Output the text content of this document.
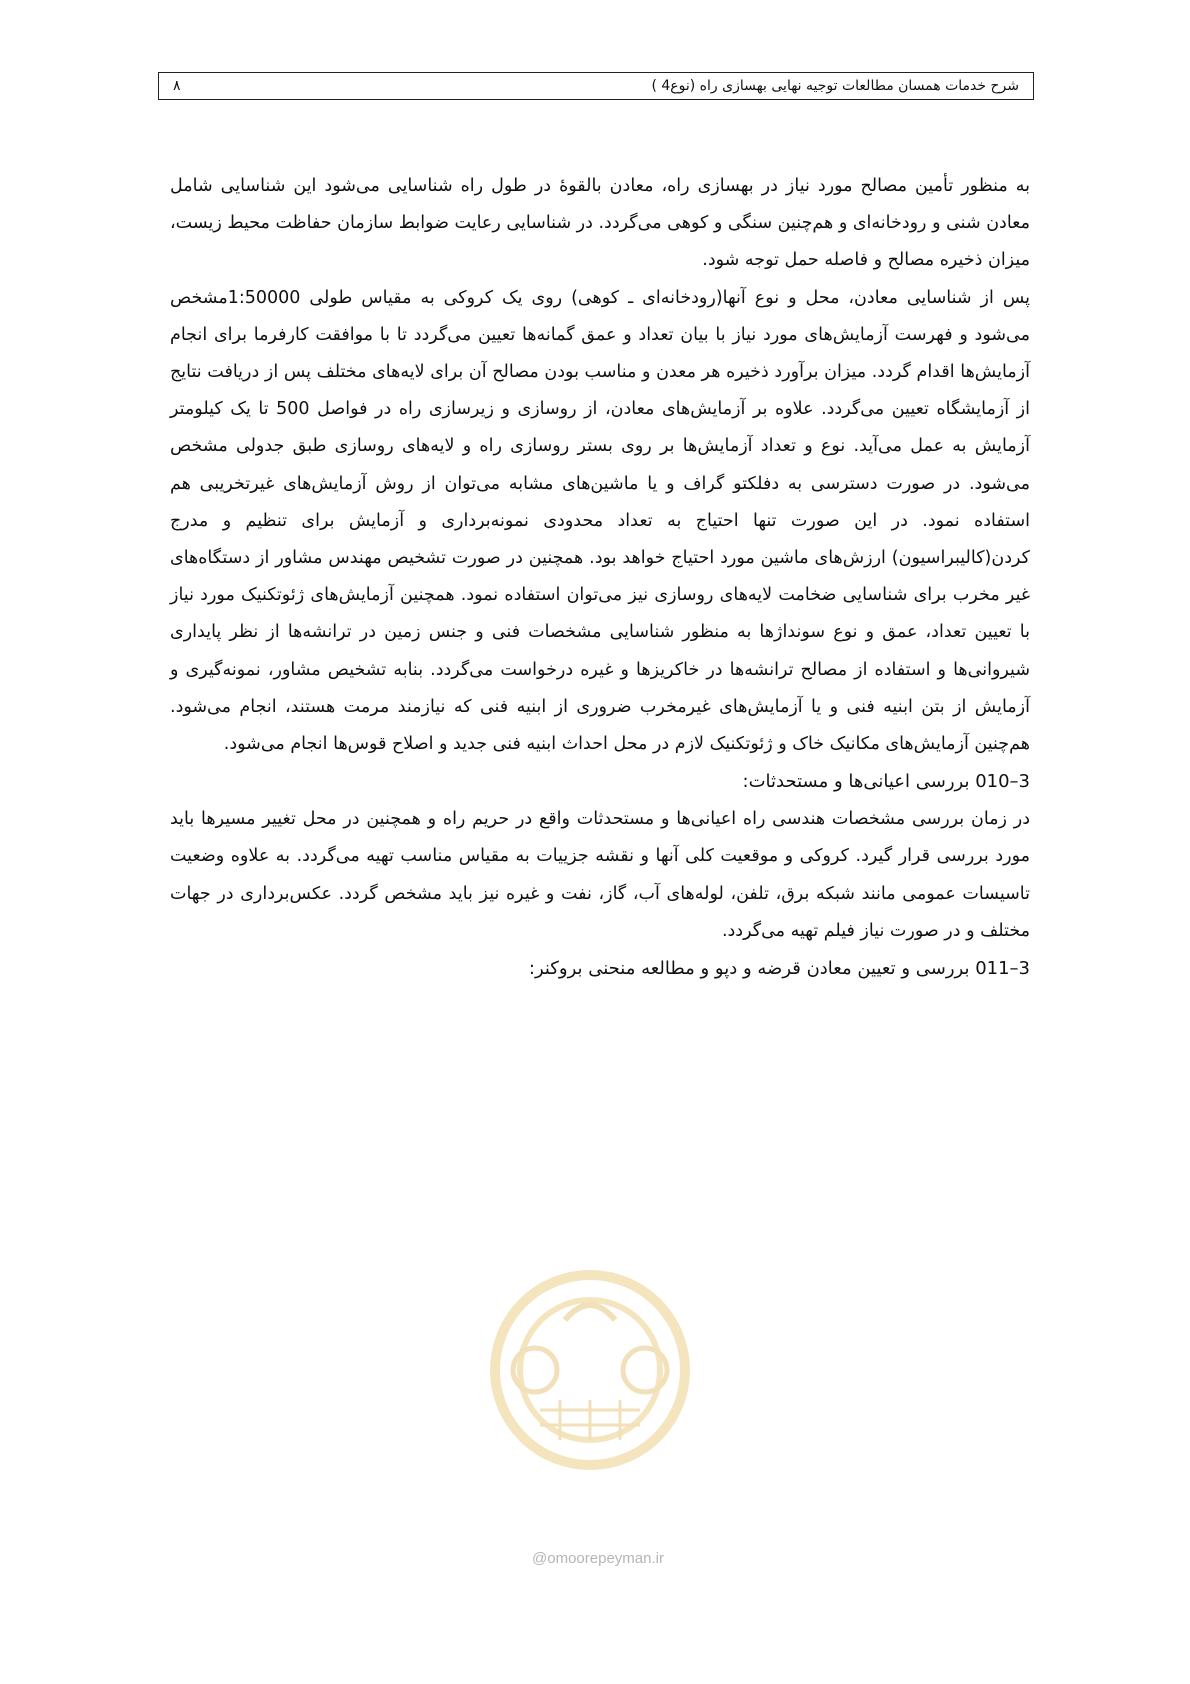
شرح خدمات همسان مطالعات توجیه نهایی بهسازی راه (نوع4 )
۸

به منظور تأمین مصالح مورد نیاز در بهسازی راه، معادن بالقوۀ در طول راه شناسایی می‌شود این شناسایی شامل معادن شنی و رودخانه‌ای و هم‌چنین سنگی و کوهی می‌گردد. در شناسایی رعایت ضوابط سازمان حفاظت محیط زیست، میزان ذخیره مصالح و فاصله حمل توجه شود.

پس از شناسایی معادن، محل و نوع آنها(رودخانه‌ای ـ کوهی) روی یک کروکی به مقیاس طولی 1:50000مشخص می‌شود و فهرست آزمایش‌های مورد نیاز با بیان تعداد و عمق گمانه‌ها تعیین می‌گردد تا با موافقت کارفرما برای انجام آزمایش‌ها اقدام گردد. میزان برآورد ذخیره هر معدن و مناسب بودن مصالح آن برای لایه‌های مختلف پس از دریافت نتایج از آزمایشگاه تعیین می‌گردد. علاوه بر آزمایش‌های معادن، از روسازی و زیرسازی راه در فواصل 500 تا یک کیلومتر آزمایش به عمل می‌آید. نوع و تعداد آزمایش‌ها بر روی بستر روسازی راه و لایه‌های روسازی طبق جدولی مشخص می‌شود. در صورت دسترسی به دفلکتو گراف و یا ماشین‌های مشابه می‌توان از روش آزمایش‌های غیرتخریبی هم استفاده نمود. در این صورت تنها احتیاج به تعداد محدودی نمونه‌برداری و آزمایش برای تنظیم و مدرج کردن(کالیبراسیون) ارزش‌های ماشین مورد احتیاج خواهد بود. همچنین در صورت تشخیص مهندس مشاور از دستگاه‌های غیر مخرب برای شناسایی ضخامت لایه‌های روسازی نیز می‌توان استفاده نمود. همچنین آزمایش‌های ژئوتکنیک مورد نیاز با تعیین تعداد، عمق و نوع سونداژها به منظور شناسایی مشخصات فنی و جنس زمین در ترانشه‌ها از نظر پایداری شیروانی‌ها و استفاده از مصالح ترانشه‌ها در خاکریزها و غیره درخواست می‌گردد. بنابه تشخیص مشاور، نمونه‌گیری و آزمایش از بتن ابنیه فنی و یا آزمایش‌های غیرمخرب ضروری از ابنیه فنی که نیازمند مرمت هستند، انجام می‌شود. هم‌چنین آزمایش‌های مکانیک خاک و ژئوتکنیک لازم در محل احداث ابنیه فنی جدید و اصلاح قوس‌ها انجام می‌شود.

3–010 بررسی اعیانی‌ها و مستحدثات:

در زمان بررسی مشخصات هندسی راه اعیانی‌ها و مستحدثات واقع در حریم راه و همچنین در محل تغییر مسیرها باید مورد بررسی قرار گیرد. کروکی و موقعیت کلی آنها و نقشه جزییات به مقیاس مناسب تهیه می‌گردد. به علاوه وضعیت تاسیسات عمومی مانند شبکه برق، تلفن، لوله‌های آب، گاز، نفت و غیره نیز باید مشخص گردد. عکس‌برداری در جهات مختلف و در صورت نیاز فیلم تهیه می‌گردد.

3–011 بررسی و تعیین معادن قرضه و دپو و مطالعه منحنی بروکنر:
@omoorepeyman.ir
